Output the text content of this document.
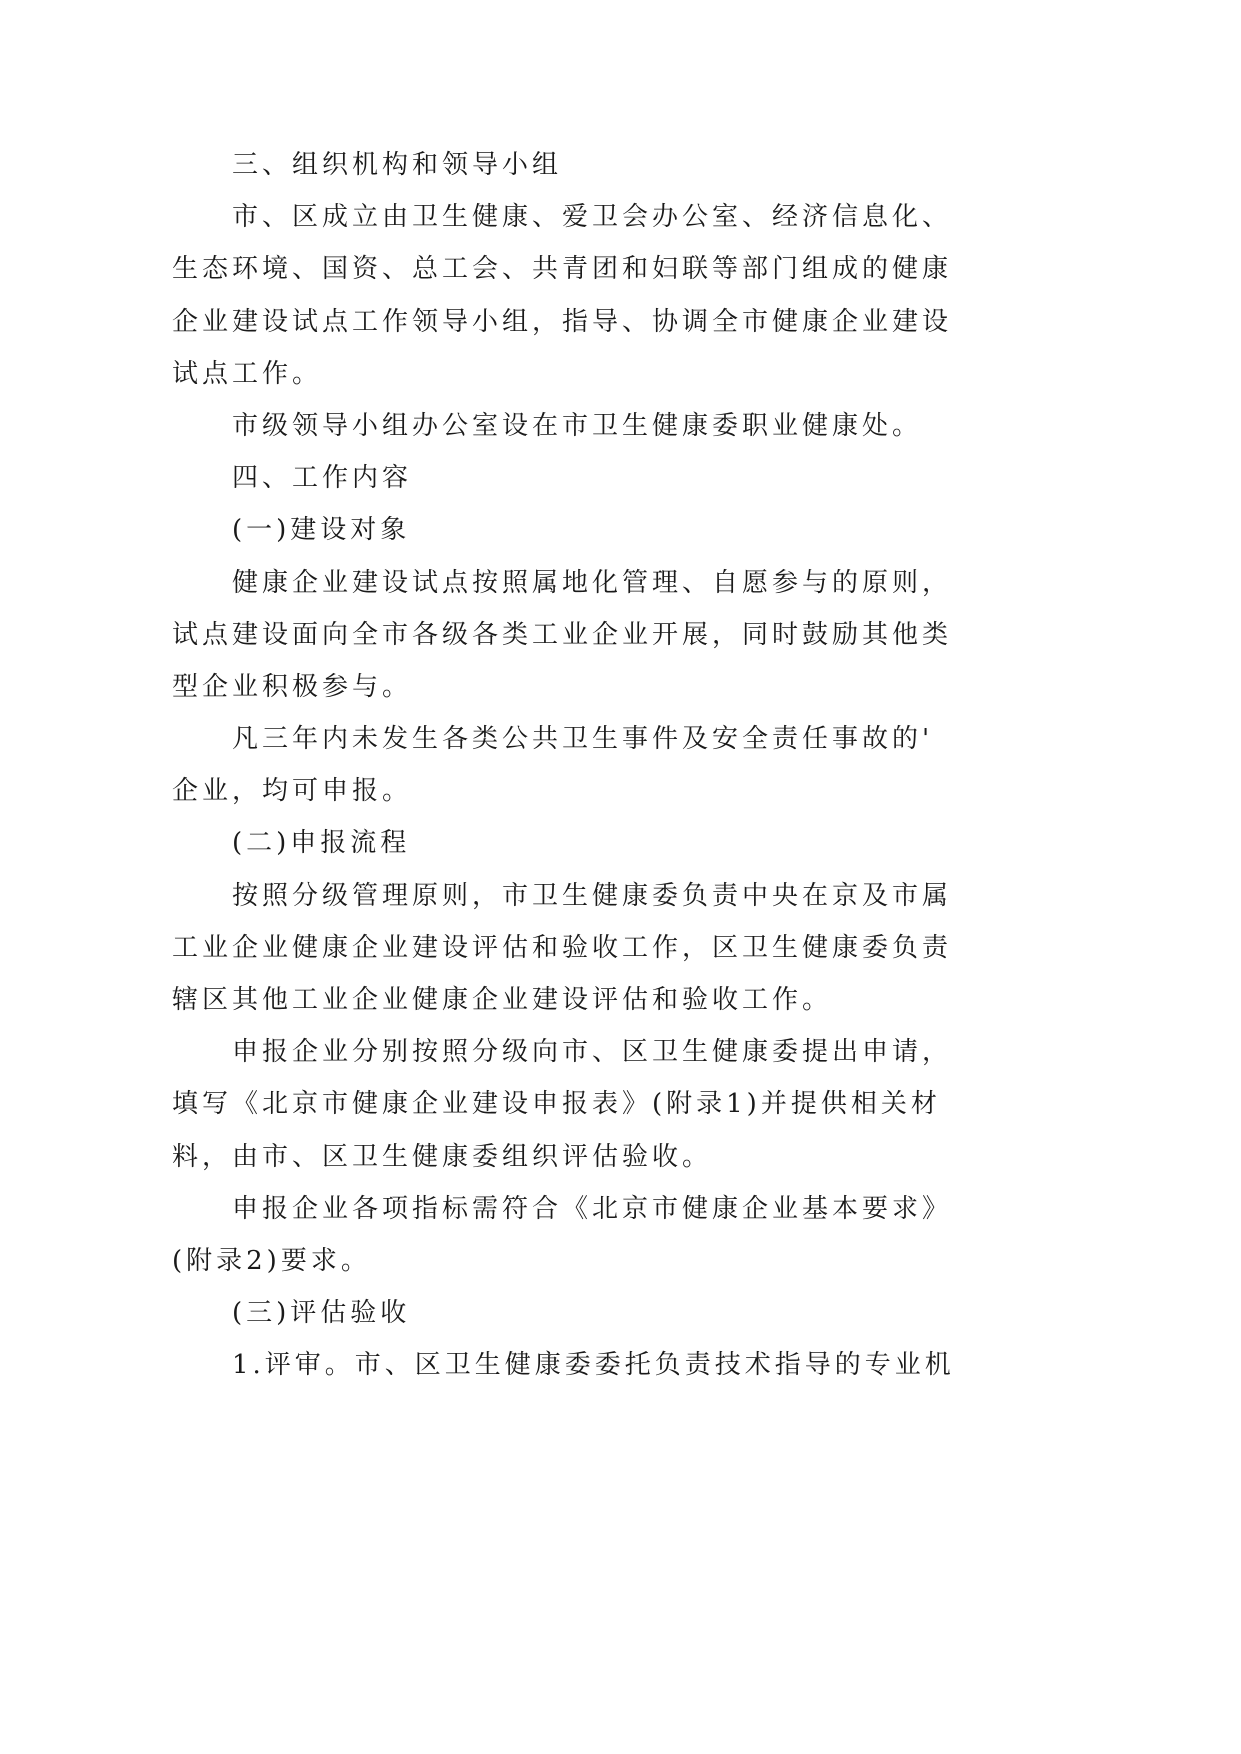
三、组织机构和领导小组
市、区成立由卫生健康、爱卫会办公室、经济信息化、
生态环境、国资、总工会、共青团和妇联等部门组成的健康
企业建设试点工作领导小组，指导、协调全市健康企业建设
试点工作。
市级领导小组办公室设在市卫生健康委职业健康处。
四、工作内容
(一)建设对象
健康企业建设试点按照属地化管理、自愿参与的原则，
试点建设面向全市各级各类工业企业开展，同时鼓励其他类
型企业积极参与。
凡三年内未发生各类公共卫生事件及安全责任事故的'
企业，均可申报。
(二)申报流程
按照分级管理原则，市卫生健康委负责中央在京及市属
工业企业健康企业建设评估和验收工作，区卫生健康委负责
辖区其他工业企业健康企业建设评估和验收工作。
申报企业分别按照分级向市、区卫生健康委提出申请，
填写《北京市健康企业建设申报表》(附录1)并提供相关材
料，由市、区卫生健康委组织评估验收。
申报企业各项指标需符合《北京市健康企业基本要求》
(附录2)要求。
(三)评估验收
1.评审。市、区卫生健康委委托负责技术指导的专业机
